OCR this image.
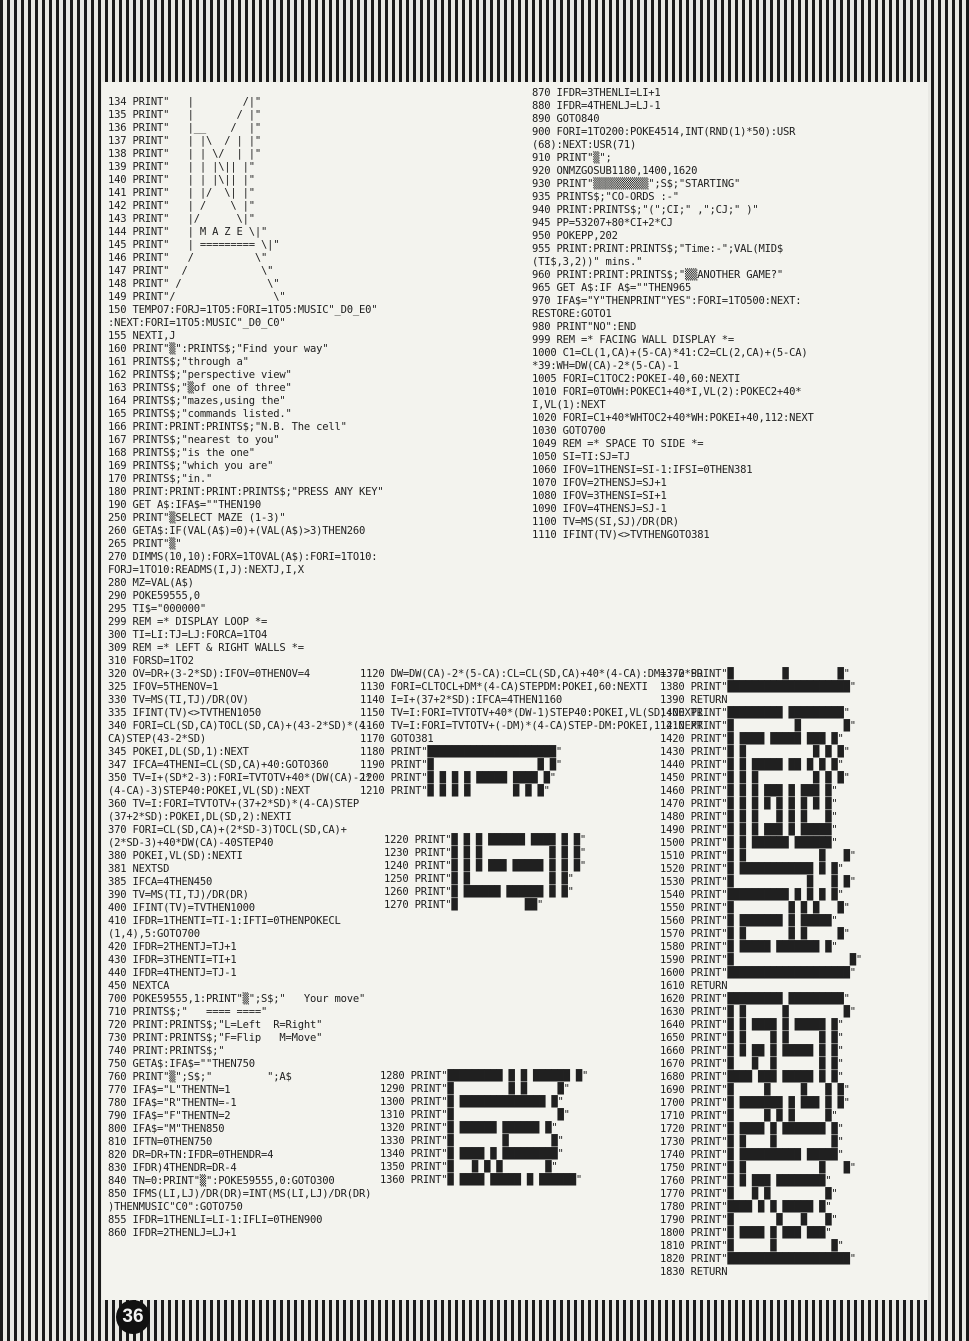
134 PRINT"   |        /|"
135 PRINT"   |       / |"
136 PRINT"   |__    /  |"
137 PRINT"   | |\  / | |"
138 PRINT"   | | \/  | |"
139 PRINT"   | | |\|| |"
140 PRINT"   | | |\|| |"
141 PRINT"   | |/  \| |"
142 PRINT"   | /    \ |"
143 PRINT"   |/      \|"
144 PRINT"   | M A Z E \|"
145 PRINT"   | ========= \|"
146 PRINT"   /          \"
147 PRINT"  /            \"
148 PRINT" /              \"
149 PRINT"/                \"
150 TEMPO7:FORJ=1TO5:FORI=1TO5:MUSIC"_D0_E0"
:NEXT:FORI=1TO5:MUSIC"_D0_C0"
155 NEXTI,J
160 PRINT"▒":PRINTS$;"Find your way"
161 PRINTS$;"through a"
162 PRINTS$;"perspective view"
163 PRINTS$;"▒of one of three"
164 PRINTS$;"mazes,using the"
165 PRINTS$;"commands listed."
166 PRINT:PRINT:PRINTS$;"N.B. The cell"
167 PRINTS$;"nearest to you"
168 PRINTS$;"is the one"
169 PRINTS$;"which you are"
170 PRINTS$;"in."
180 PRINT:PRINT:PRINT:PRINTS$;"PRESS ANY KEY"
190 GET A$:IFA$=""THEN190
250 PRINT"▒SELECT MAZE (1-3)"
260 GETA$:IF(VAL(A$)=0)+(VAL(A$)>3)THEN260
265 PRINT"▒"
270 DIMMS(10,10):FORX=1TOVAL(A$):FORI=1TO10:
FORJ=1TO10:READMS(I,J):NEXTJ,I,X
280 MZ=VAL(A$)
290 POKE59555,0
295 TI$="000000"
299 REM =* DISPLAY LOOP *=
300 TI=LI:TJ=LJ:FORCA=1TO4
309 REM =* LEFT & RIGHT WALLS *=
310 FORSD=1TO2
320 OV=DR+(3-2*SD):IFOV=0THENOV=4
325 IFOV=5THENOV=1
330 TV=MS(TI,TJ)/DR(OV)
335 IFINT(TV)<>TVTHEN1050
340 FORI=CL(SD,CA)TOCL(SD,CA)+(43-2*SD)*(4-
CA)STEP(43-2*SD)
345 POKEI,DL(SD,1):NEXT
347 IFCA=4THENI=CL(SD,CA)+40:GOTO360
350 TV=I+(SD*2-3):FORI=TVTOTV+40*(DW(CA)-2*
(4-CA)-3)STEP40:POKEI,VL(SD):NEXT
360 TV=I:FORI=TVTOTV+(37+2*SD)*(4-CA)STEP
(37+2*SD):POKEI,DL(SD,2):NEXTI
370 FORI=CL(SD,CA)+(2*SD-3)TOCL(SD,CA)+
(2*SD-3)+40*DW(CA)-40STEP40
380 POKEI,VL(SD):NEXTI
381 NEXTSD
385 IFCA=4THEN450
390 TV=MS(TI,TJ)/DR(DR)
400 IFINT(TV)=TVTHEN1000
410 IFDR=1THENTI=TI-1:IFTI=0THENPOKECL
(1,4),5:GOTO700
420 IFDR=2THENTJ=TJ+1
430 IFDR=3THENTI=TI+1
440 IFDR=4THENTJ=TJ-1
450 NEXTCA
700 POKE59555,1:PRINT"▒";S$;"   Your move"
710 PRINTS$;"   ==== ===="
720 PRINT:PRINTS$;"L=Left  R=Right"
730 PRINT:PRINTS$;"F=Flip   M=Move"
740 PRINT:PRINTS$;"
750 GETA$:IFA$=""THEN750
760 PRINT"▒";S$;"         ";A$
770 IFA$="L"THENTN=1
780 IFA$="R"THENTN=-1
790 IFA$="F"THENTN=2
800 IFA$="M"THEN850
810 IFTN=0THEN750
820 DR=DR+TN:IFDR=0THENDR=4
830 IFDR)4THENDR=DR-4
840 TN=0:PRINT"▒":POKE59555,0:GOTO300
850 IFMS(LI,LJ)/DR(DR)=INT(MS(LI,LJ)/DR(DR)
)THENMUSIC"C0":GOTO750
855 IFDR=1THENLI=LI-1:IFLI=0THEN900
860 IFDR=2THENLJ=LJ+1
870 IFDR=3THENLI=LI+1
880 IFDR=4THENLJ=LJ-1
890 GOTO840
900 FORI=1TO200:POKE4514,INT(RND(1)*50):USR
(68):NEXT:USR(71)
910 PRINT"▒";
920 ONMZGOSUB1180,1400,1620
930 PRINT"▒▒▒▒▒▒▒▒▒";S$;"STARTING"
935 PRINTS$;"CO-ORDS :-"
940 PRINT:PRINTS$;"(";CI;" ,";CJ;" )"
945 PP=53207+80*CI+2*CJ
950 POKEPP,202
955 PRINT:PRINT:PRINTS$;"Time:-";VAL(MID$
(TI$,3,2))" mins."
960 PRINT:PRINT:PRINTS$;"▒▒ANOTHER GAME?"
965 GET A$:IF A$=""THEN965
970 IFA$="Y"THENPRINT"YES":FORI=1TO500:NEXT:
RESTORE:GOTO1
980 PRINT"NO":END
999 REM =* FACING WALL DISPLAY *=
1000 C1=CL(1,CA)+(5-CA)*41:C2=CL(2,CA)+(5-CA)
*39:WH=DW(CA)-2*(5-CA)-1
1005 FORI=C1TOC2:POKEI-40,60:NEXTI
1010 FORI=0TOWH:POKEC1+40*I,VL(2):POKEC2+40*
I,VL(1):NEXT
1020 FORI=C1+40*WHTOC2+40*WH:POKEI+40,112:NEXT
1030 GOTO700
1049 REM =* SPACE TO SIDE *=
1050 SI=TI:SJ=TJ
1060 IFOV=1THENSI=SI-1:IFSI=0THEN381
1070 IFOV=2THENSJ=SJ+1
1080 IFOV=3THENSI=SI+1
1090 IFOV=4THENSJ=SJ-1
1100 TV=MS(SI,SJ)/DR(DR)
1110 IFINT(TV)<>TVTHENGOTO381
1120 DW=DW(CA)-2*(5-CA):CL=CL(SD,CA)+40*(4-CA):DM=3-2*SD
1130 FORI=CLTOCL+DM*(4-CA)STEPDM:POKEI,60:NEXTI
1140 I=I+(37+2*SD):IFCA=4THEN1160
1150 TV=I:FORI=TVTOTV+40*(DW-1)STEP40:POKEI,VL(SD):NEXTI
1160 TV=I:FORI=TVTOTV+(-DM)*(4-CA)STEP-DM:POKEI,112:NEXT
1170 GOTO381
1180 PRINT"█████████████████████"
1190 PRINT"█                 █ █"
1200 PRINT"█ █ █ █ █████ ████ █"
1210 PRINT"█ █ █ █       █ █ █"
1370 PRINT"█        █        █"
1380 PRINT"████████████████████"
1390 RETURN
1400 PRINT"█████████ █████████"
1410 PRINT"█          █       █"
1420 PRINT"█ ████ █████ ███ █"
1430 PRINT"█ █           █ █ █"
1440 PRINT"█ █ █████ ██ █ █ █"
1450 PRINT"█ █ █         █ █ █"
1460 PRINT"█ █ █ ███ █ ███ █"
1470 PRINT"█ █ █ █ █ █ █ █ █"
1480 PRINT"█ █ █   █ █ █   █"
1490 PRINT"█ █ █ ███ █ █████"
1500 PRINT"█ █ ██████ ██████"
1510 PRINT"█ █            █   █"
1520 PRINT"█ ████████████ █ █"
1530 PRINT"█            █   █ █"
1540 PRINT"██████████ █ █ █ █"
1550 PRINT"█         █ █ █   █"
1560 PRINT"█ ███████ █ █████"
1570 PRINT"█ █       █ █     █"
1580 PRINT"█ █████ ███████ █"
1590 PRINT"█                   █"
1600 PRINT"████████████████████"
1610 RETURN
1620 PRINT"█████████ █████████"
1630 PRINT"█ █      █         █"
1640 PRINT"█ █ ████ █ █████ █"
1650 PRINT"█ █    █ █     █ █"
1660 PRINT"█ █ ██ █ █████ █ █"
1670 PRINT"█   █  █       █ █"
1680 PRINT"████ ███ █████ █ █"
1690 PRINT"█     █     █   █ █"
1700 PRINT"█ ███████ █ ███ █ █"
1710 PRINT"█     █ █ █     █"
1720 PRINT"█ ████ █ ███████ █"
1730 PRINT"█ █    █         █"
1740 PRINT"█ ██████████ █████"
1750 PRINT"█ █            █   █"
1760 PRINT"█ █ ███ ████████"
1770 PRINT"█   █ █         █"
1780 PRINT"████ █ █ █████ █"
1790 PRINT"█       █   █   █"
1800 PRINT"█ ████ █ ███ ███"
1810 PRINT"█      █         █"
1820 PRINT"████████████████████"
1830 RETURN
1220 PRINT"█ █ █ ██████ ████ █ █"
1230 PRINT"█ █ █           █ █ █"
1240 PRINT"█ █ █ ███ █████ █ █ █"
1250 PRINT"█ █             █ █"
1260 PRINT"█ ██████ ██████ █ █"
1270 PRINT"█           ██"
1280 PRINT"█████████ █ █ ██████ █"
1290 PRINT"█         █ █     █"
1300 PRINT"█ ██████████████ █"
1310 PRINT"█                 █"
1320 PRINT"█ ██████ ██████ █"
1330 PRINT"█        █       █"
1340 PRINT"█ ████ █ █████████"
1350 PRINT"█   █ █ █       █"
1360 PRINT"█ ████ █████ █ ██████"
36
